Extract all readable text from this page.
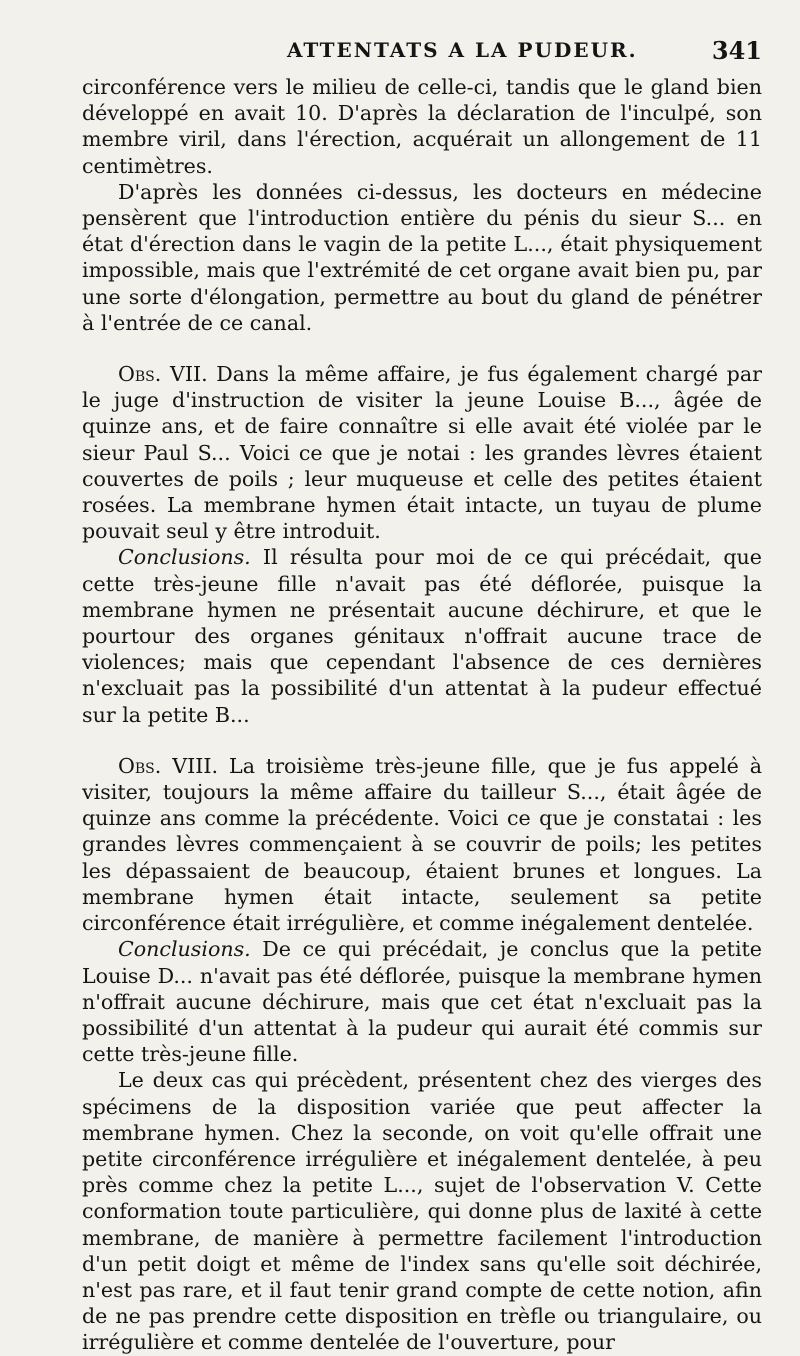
ATTENTATS A LA PUDEUR.	341

circonférence vers le milieu de celle-ci, tandis que le gland bien développé en avait 10. D'après la déclaration de l'inculpé, son membre viril, dans l'érection, acquérait un allongement de 11 centimètres.

D'après les données ci-dessus, les docteurs en médecine pensèrent que l'introduction entière du pénis du sieur S... en état d'érection dans le vagin de la petite L..., était physiquement impossible, mais que l'extrémité de cet organe avait bien pu, par une sorte d'élongation, permettre au bout du gland de pénétrer à l'entrée de ce canal.

Obs. VII. Dans la même affaire, je fus également chargé par le juge d'instruction de visiter la jeune Louise B..., âgée de quinze ans, et de faire connaître si elle avait été violée par le sieur Paul S... Voici ce que je notai : les grandes lèvres étaient couvertes de poils ; leur muqueuse et celle des petites étaient rosées. La membrane hymen était intacte, un tuyau de plume pouvait seul y être introduit.

Conclusions. Il résulta pour moi de ce qui précédait, que cette très-jeune fille n'avait pas été déflorée, puisque la membrane hymen ne présentait aucune déchirure, et que le pourtour des organes génitaux n'offrait aucune trace de violences; mais que cependant l'absence de ces dernières n'excluait pas la possibilité d'un attentat à la pudeur effectué sur la petite B...

Obs. VIII. La troisième très-jeune fille, que je fus appelé à visiter, toujours la même affaire du tailleur S..., était âgée de quinze ans comme la précédente. Voici ce que je constatai : les grandes lèvres commençaient à se couvrir de poils; les petites les dépassaient de beaucoup, étaient brunes et longues. La membrane hymen était intacte, seulement sa petite circonférence était irrégulière, et comme inégalement dentelée.

Conclusions. De ce qui précédait, je conclus que la petite Louise D... n'avait pas été déflorée, puisque la membrane hymen n'offrait aucune déchirure, mais que cet état n'excluait pas la possibilité d'un attentat à la pudeur qui aurait été commis sur cette très-jeune fille.

Le deux cas qui précèdent, présentent chez des vierges des spécimens de la disposition variée que peut affecter la membrane hymen. Chez la seconde, on voit qu'elle offrait une petite circonférence irrégulière et inégalement dentelée, à peu près comme chez la petite L..., sujet de l'observation V. Cette conformation toute particulière, qui donne plus de laxité à cette membrane, de manière à permettre facilement l'introduction d'un petit doigt et même de l'index sans qu'elle soit déchirée, n'est pas rare, et il faut tenir grand compte de cette notion, afin de ne pas prendre cette disposition en trèfle ou triangulaire, ou irrégulière et comme dentelée de l'ouverture, pour
